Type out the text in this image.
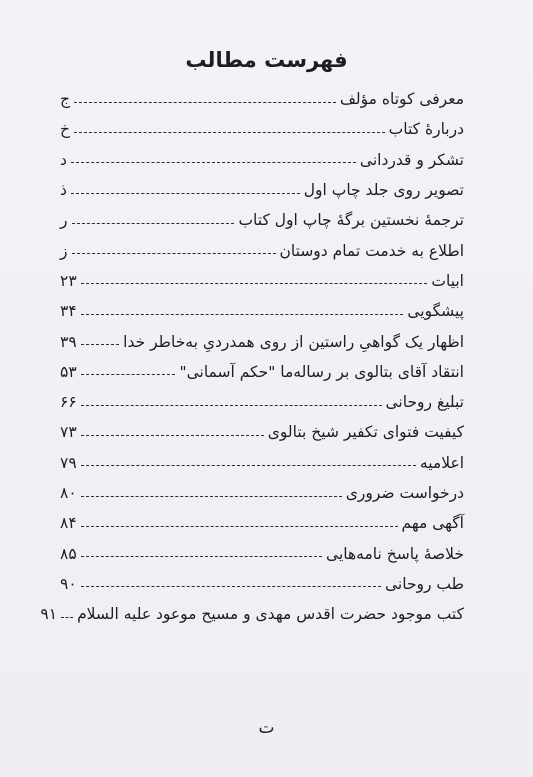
فهرست مطالب
معرفی کوتاه مؤلف
ج
دربارۀ کتاب
خ
تشکر و قدردانی
د
تصویر روی جلد چاپ اول
ذ
ترجمۀ نخستین برگۀ چاپ اول کتاب
ر
اطلاع به خدمت تمام دوستان
ز
ابیات
۲۳
پیشگویی
۳۴
اظهار یک گواهیِ راستین از روی همدردیِ به‌خاطر خدا
۳۹
انتقاد آقای بتالوی بر رساله‌ما "حکم آسمانی"
۵۳
تبلیغ روحانی
۶۶
کیفیت فتوای تکفیر شیخ بتالوی
۷۳
اعلامیه
۷۹
درخواست ضروری
۸۰
آگهی مهم
۸۴
خلاصۀ پاسخ نامه‌هایی
۸۵
طب روحانی
۹۰
کتب موجود حضرت اقدس مهدی و مسیح موعود علیه السلام
۹۱
ت
